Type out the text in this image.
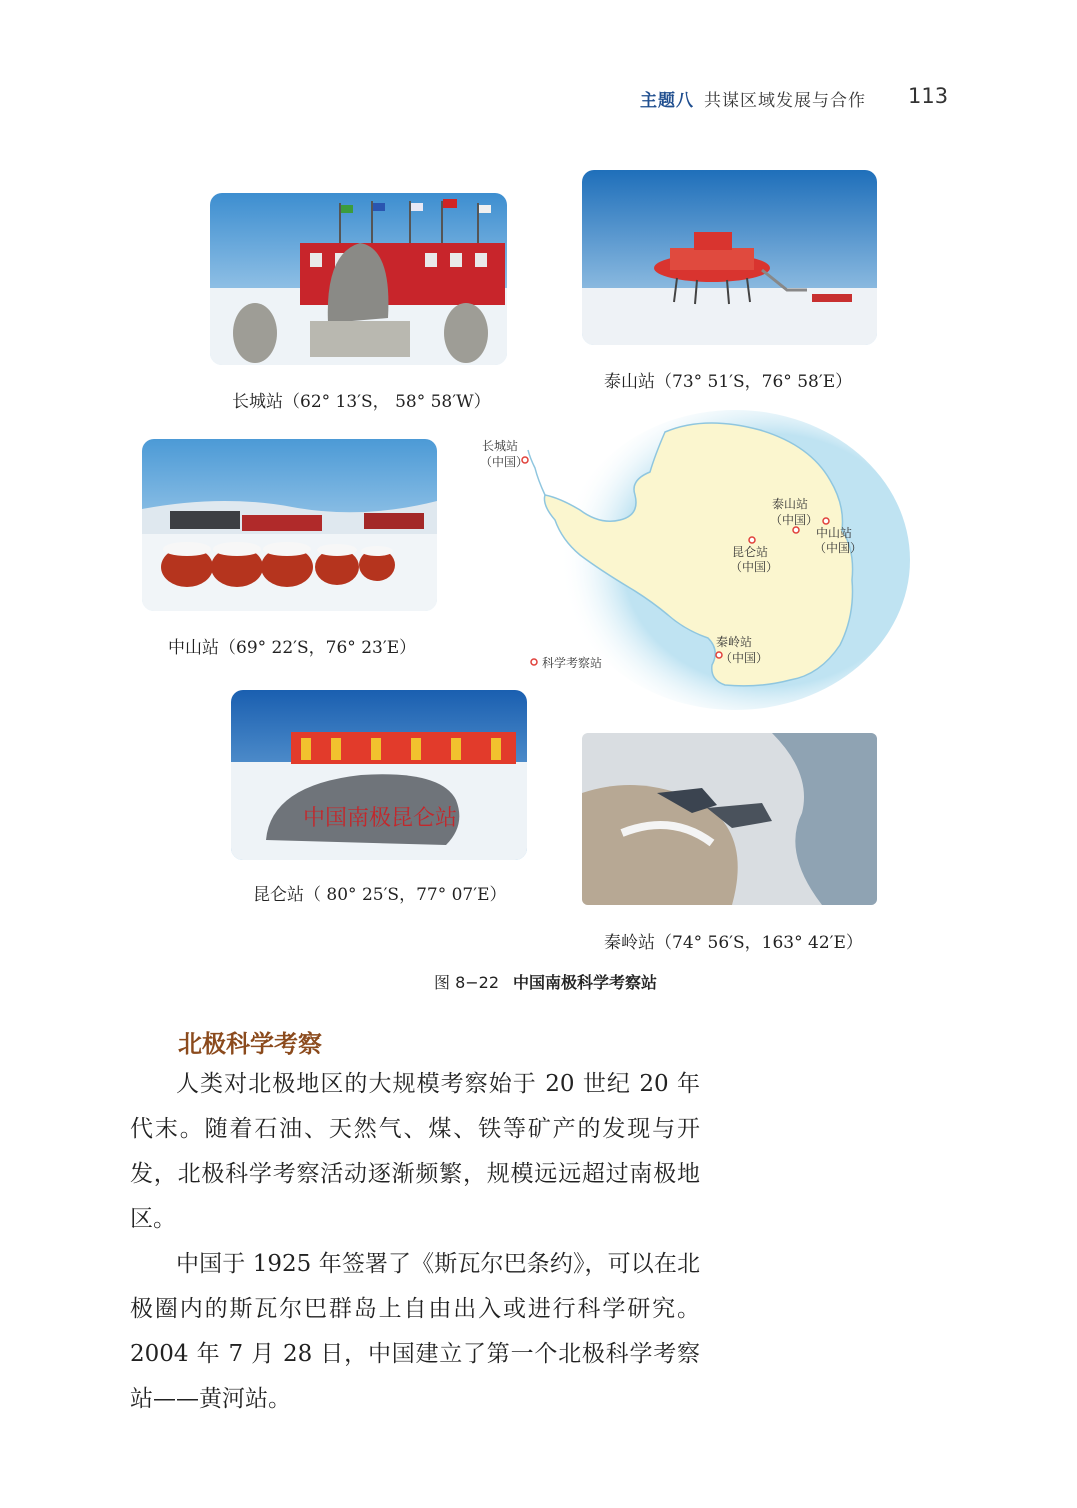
主题八 共谋区域发展与合作 113
长城站（62° 13′S， 58° 58′W）
泰山站（73° 51′S，76° 58′E）
中山站（69° 22′S，76° 23′E）
长城站
（中国）
泰山站
（中国）
中山站
（中国）
昆仑站
（中国）
秦岭站
（中国）
科学考察站
中国南极昆仑站
昆仑站（ 80° 25′S，77° 07′E）
秦岭站（74° 56′S，163° 42′E）
图 8−22 中国南极科学考察站
北极科学考察

人类对北极地区的大规模考察始于 20 世纪 20 年代末。随着石油、天然气、煤、铁等矿产的发现与开发，北极科学考察活动逐渐频繁，规模远远超过南极地区。

中国于 1925 年签署了《斯瓦尔巴条约》，可以在北极圈内的斯瓦尔巴群岛上自由出入或进行科学研究。2004 年 7 月 28 日，中国建立了第一个北极科学考察站——黄河站。
